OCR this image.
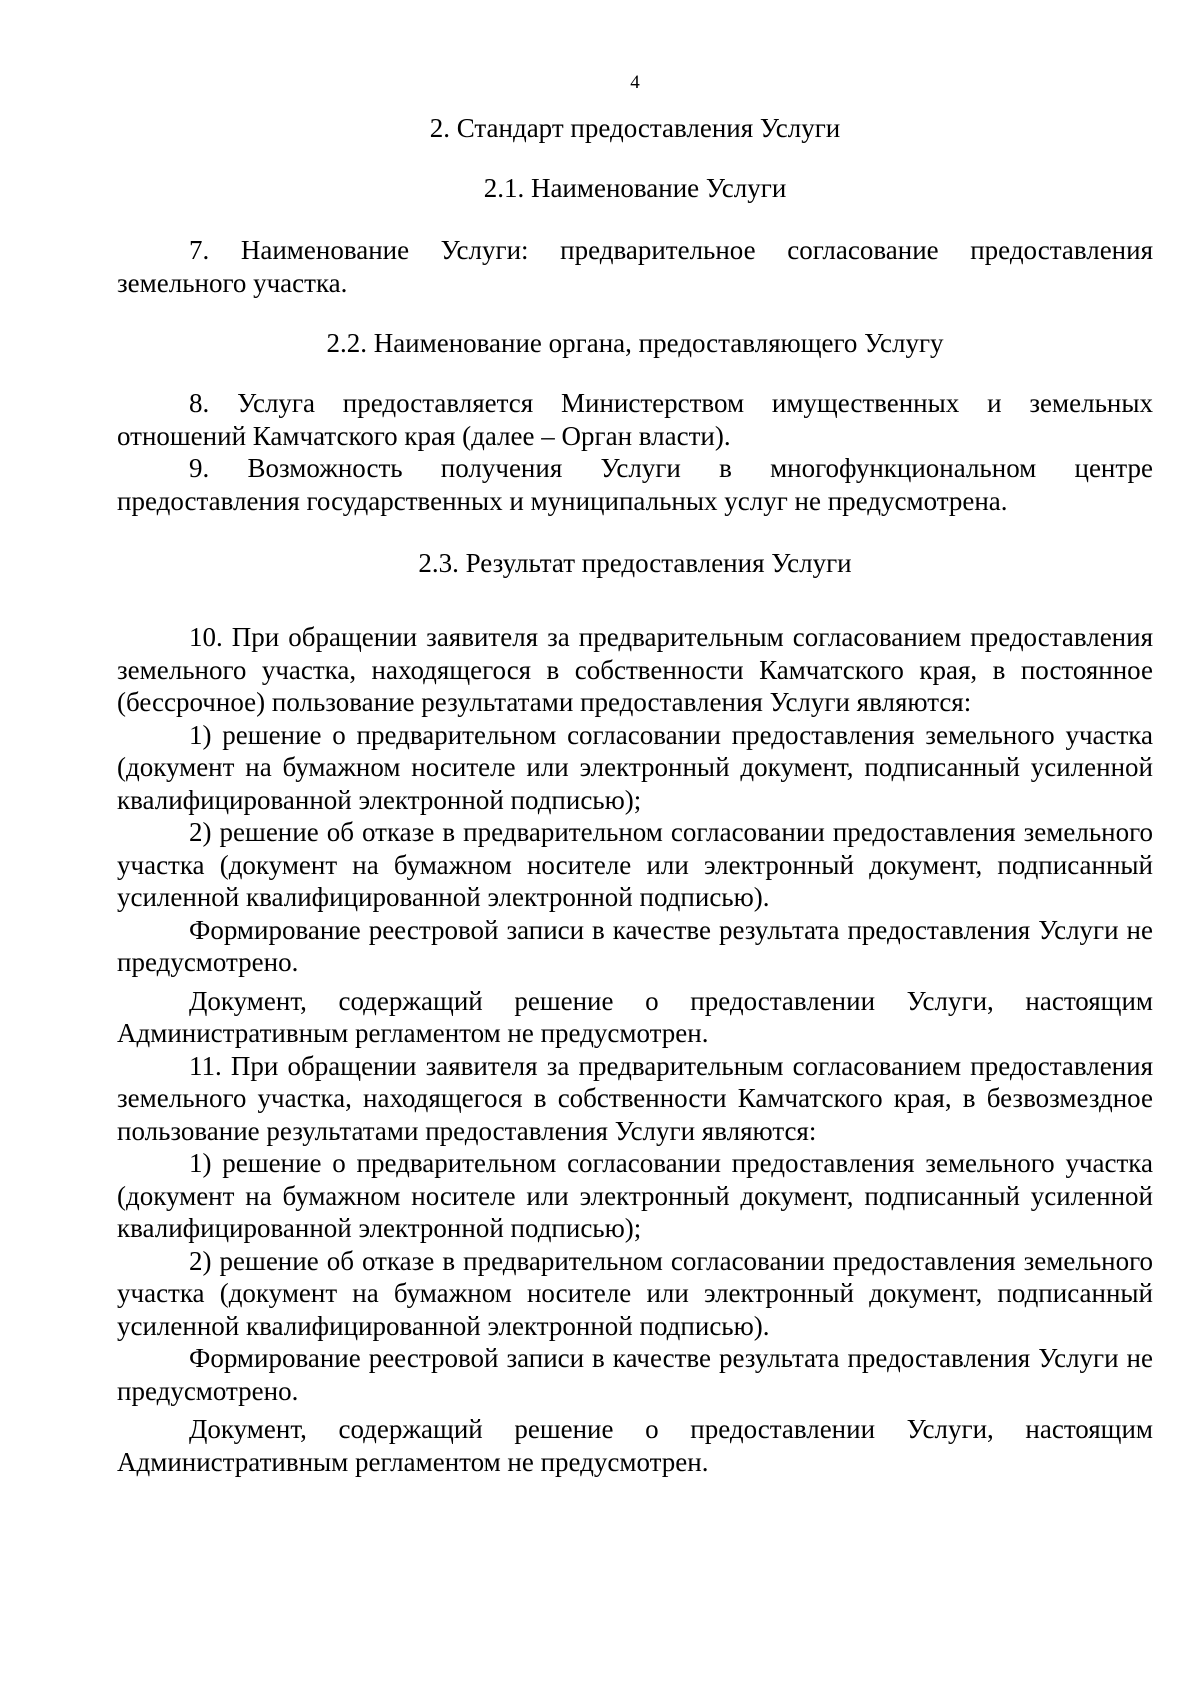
4

2. Стандарт предоставления Услуги

2.1. Наименование Услуги

7. Наименование Услуги: предварительное согласование предоставления земельного участка.

2.2. Наименование органа, предоставляющего Услугу

8. Услуга предоставляется Министерством имущественных и земельных отношений Камчатского края (далее – Орган власти).

9. Возможность получения Услуги в многофункциональном центре предоставления государственных и муниципальных услуг не предусмотрена.

2.3. Результат предоставления Услуги

10. При обращении заявителя за предварительным согласованием предоставления земельного участка, находящегося в собственности Камчатского края, в постоянное (бессрочное) пользование результатами предоставления Услуги являются:

1) решение о предварительном согласовании предоставления земельного участка (документ на бумажном носителе или электронный документ, подписанный усиленной квалифицированной электронной подписью);

2) решение об отказе в предварительном согласовании предоставления земельного участка (документ на бумажном носителе или электронный документ, подписанный усиленной квалифицированной электронной подписью).

Формирование реестровой записи в качестве результата предоставления Услуги не предусмотрено.

Документ, содержащий решение о предоставлении Услуги, настоящим Административным регламентом не предусмотрен.

11. При обращении заявителя за предварительным согласованием предоставления земельного участка, находящегося в собственности Камчатского края, в безвозмездное пользование результатами предоставления Услуги являются:

1) решение о предварительном согласовании предоставления земельного участка (документ на бумажном носителе или электронный документ, подписанный усиленной квалифицированной электронной подписью);

2) решение об отказе в предварительном согласовании предоставления земельного участка (документ на бумажном носителе или электронный документ, подписанный усиленной квалифицированной электронной подписью).

Формирование реестровой записи в качестве результата предоставления Услуги не предусмотрено.

Документ, содержащий решение о предоставлении Услуги, настоящим Административным регламентом не предусмотрен.
